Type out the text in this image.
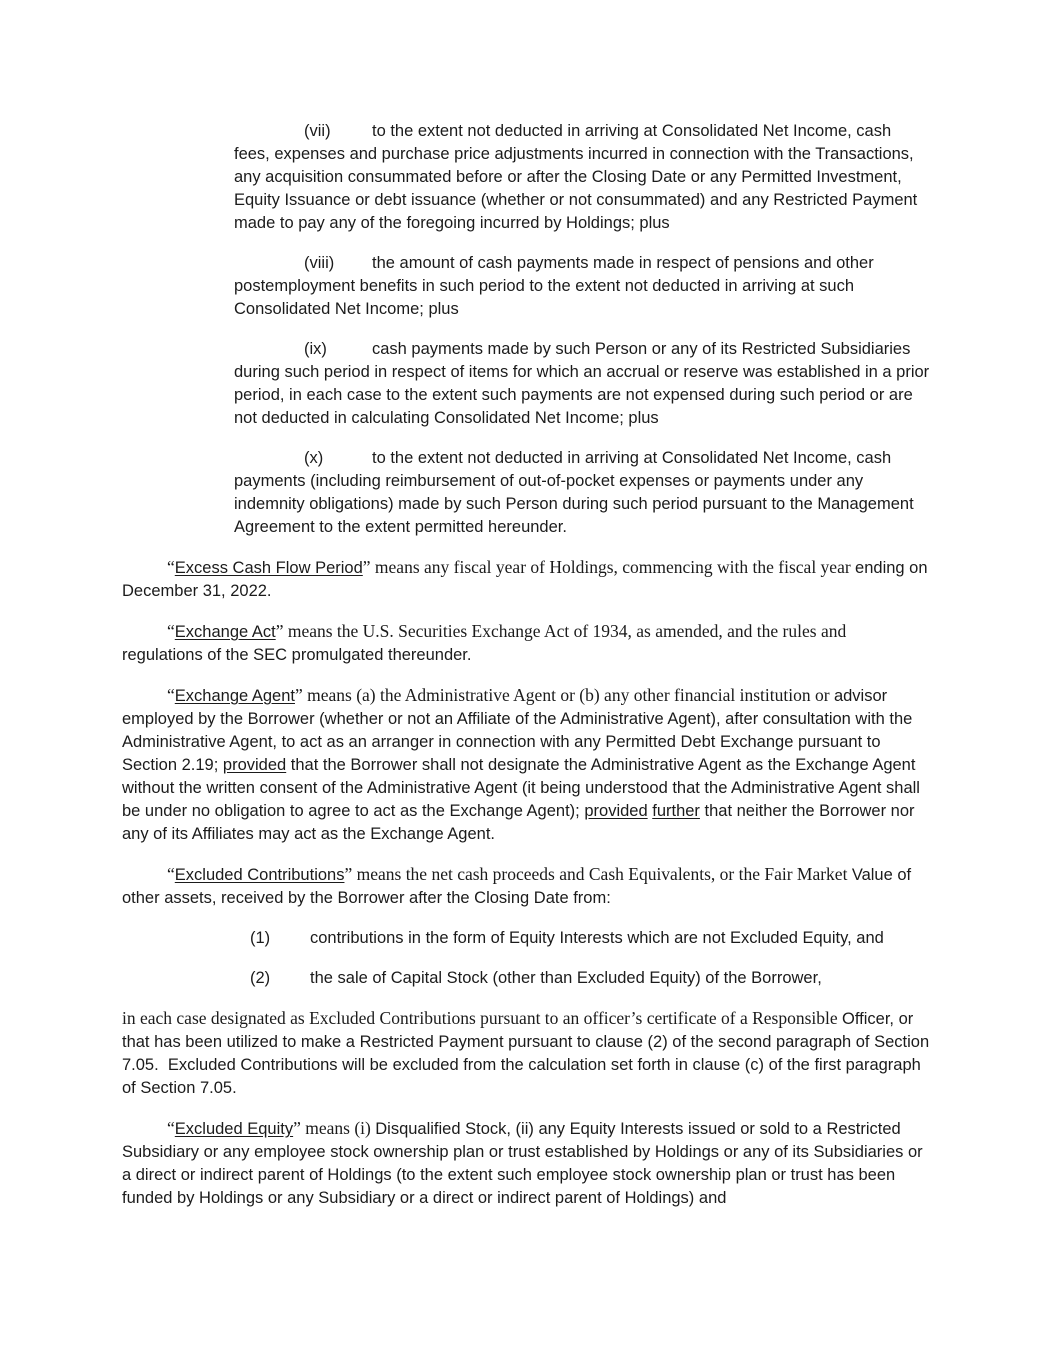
(vii)	to the extent not deducted in arriving at Consolidated Net Income, cash fees, expenses and purchase price adjustments incurred in connection with the Transactions, any acquisition consummated before or after the Closing Date or any Permitted Investment, Equity Issuance or debt issuance (whether or not consummated) and any Restricted Payment made to pay any of the foregoing incurred by Holdings; plus

(viii) the amount of cash payments made in respect of pensions and other postemployment benefits in such period to the extent not deducted in arriving at such Consolidated Net Income; plus

(ix)	cash payments made by such Person or any of its Restricted Subsidiaries during such period in respect of items for which an accrual or reserve was established in a prior period, in each case to the extent such payments are not expensed during such period or are not deducted in calculating Consolidated Net Income; plus

(x)	to the extent not deducted in arriving at Consolidated Net Income, cash payments (including reimbursement of out-of-pocket expenses or payments under any indemnity obligations) made by such Person during such period pursuant to the Management Agreement to the extent permitted hereunder.

“Excess Cash Flow Period” means any fiscal year of Holdings, commencing with the fiscal year ending on December 31, 2022.

“Exchange Act” means the U.S. Securities Exchange Act of 1934, as amended, and the rules and regulations of the SEC promulgated thereunder.

“Exchange Agent” means (a) the Administrative Agent or (b) any other financial institution or advisor employed by the Borrower (whether or not an Affiliate of the Administrative Agent), after consultation with the Administrative Agent, to act as an arranger in connection with any Permitted Debt Exchange pursuant to Section 2.19; provided that the Borrower shall not designate the Administrative Agent as the Exchange Agent without the written consent of the Administrative Agent (it being understood that the Administrative Agent shall be under no obligation to agree to act as the Exchange Agent); provided further that neither the Borrower nor any of its Affiliates may act as the Exchange Agent.

“Excluded Contributions” means the net cash proceeds and Cash Equivalents, or the Fair Market Value of other assets, received by the Borrower after the Closing Date from:

(1) contributions in the form of Equity Interests which are not Excluded Equity, and

(2) the sale of Capital Stock (other than Excluded Equity) of the Borrower,

in each case designated as Excluded Contributions pursuant to an officer’s certificate of a Responsible Officer, or that has been utilized to make a Restricted Payment pursuant to clause (2) of the second paragraph of Section 7.05.  Excluded Contributions will be excluded from the calculation set forth in clause (c) of the first paragraph of Section 7.05.

“Excluded Equity” means (i) Disqualified Stock, (ii) any Equity Interests issued or sold to a Restricted Subsidiary or any employee stock ownership plan or trust established by Holdings or any of its Subsidiaries or a direct or indirect parent of Holdings (to the extent such employee stock ownership plan or trust has been funded by Holdings or any Subsidiary or a direct or indirect parent of Holdings) and
